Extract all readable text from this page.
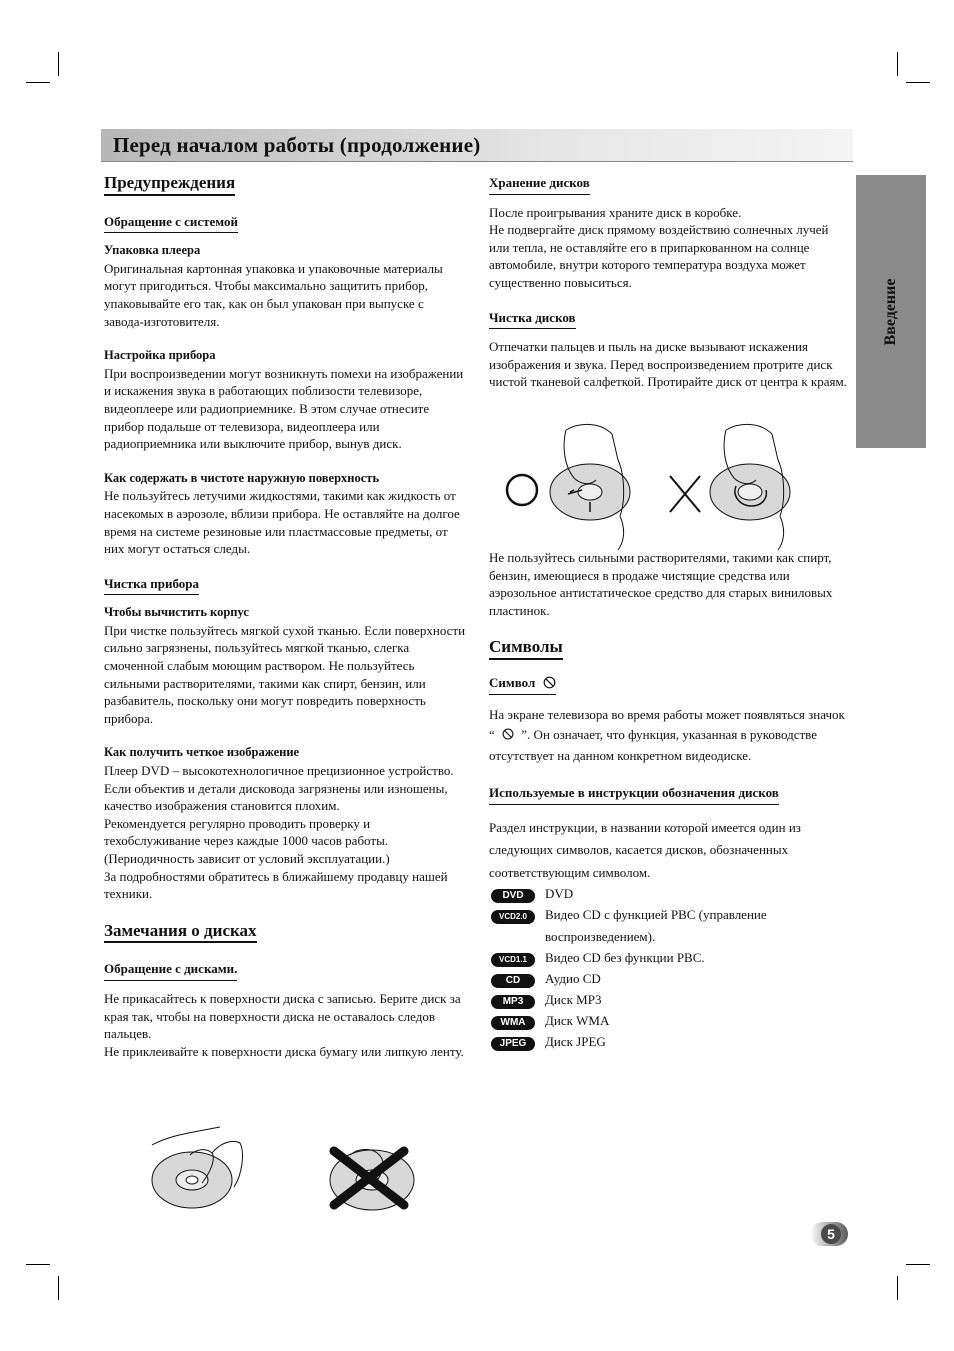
Перед началом работы (продолжение)
Введение
Предупреждения
Обращение с системой

Упаковка плеера

Оригинальная картонная упаковка и упаковочные материалы могут пригодиться. Чтобы максимально защитить прибор, упаковывайте его так, как он был упакован при выпуске с завода-изготовителя.

Настройка прибора

При воспроизведении могут возникнуть помехи на изображении и искажения звука в работающих поблизости телевизоре, видеоплеере или радиоприемнике. В этом случае отнесите прибор подальше от телевизора, видеоплеера или радиоприемника или выключите прибор, вынув диск.

Как содержать в чистоте наружную поверхность

Не пользуйтесь летучими жидкостями, такими как жидкость от насекомых в аэрозоле, вблизи прибора. Не оставляйте на долгое время на системе резиновые или пластмассовые предметы, от них могут остаться следы.

Чистка прибора

Чтобы вычистить корпус

При чистке пользуйтесь мягкой сухой тканью. Если поверхности сильно загрязнены, пользуйтесь мягкой тканью, слегка смоченной слабым моющим раствором. Не пользуйтесь сильными растворителями, такими как спирт, бензин, или разбавитель, поскольку они могут повредить поверхность прибора.

Как получить четкое изображение

Плеер DVD – высокотехнологичное прецизионное устройство. Если объектив и детали дисковода загрязнены или изношены, качество изображения становится плохим.

Рекомендуется регулярно проводить проверку и техобслуживание через каждые 1000 часов работы. (Периодичность зависит от условий эксплуатации.)

За подробностями обратитесь в ближайшему продавцу нашей техники.

Замечания о дисках
Обращение с дисками.

Не прикасайтесь к поверхности диска с записью. Берите диск за края так, чтобы на поверхности диска не оставалось следов пальцев.

Не приклеивайте к поверхности диска бумагу или липкую ленту.

Хранение дисков

После проигрывания храните диск в коробке.

Не подвергайте диск прямому воздействию солнечных лучей или тепла, не оставляйте его в припаркованном на солнце автомобиле, внутри которого температура воздуха может существенно повыситься.

Чистка дисков

Отпечатки пальцев и пыль на диске вызывают искажения изображения и звука. Перед воспроизведением протрите диск чистой тканевой салфеткой. Протирайте диск от центра к краям.

Не пользуйтесь сильными растворителями, такими как спирт, бензин, имеющиеся в продаже чистящие средства или аэрозольное антистатическое средство для старых виниловых пластинок.

Символы
Символ

На экране телевизора во время работы может появляться значок “ ”. Он означает, что функция, указанная в руководстве отсутствует на данном конкретном видеодиске.

Используемые в инструкции обозначения дисков

Раздел инструкции, в названии которой имеется один из следующих символов, касается дисков, обозначенных соответствующим символом.

DVD	DVD
VCD2.0	Видео CD с функцией PBC (управление воспроизведением).
VCD1.1	Видео CD без функции PBC.
CD	Аудио CD
MP3	Диск MP3
WMA	Диск WMA
JPEG	Диск JPEG
5
